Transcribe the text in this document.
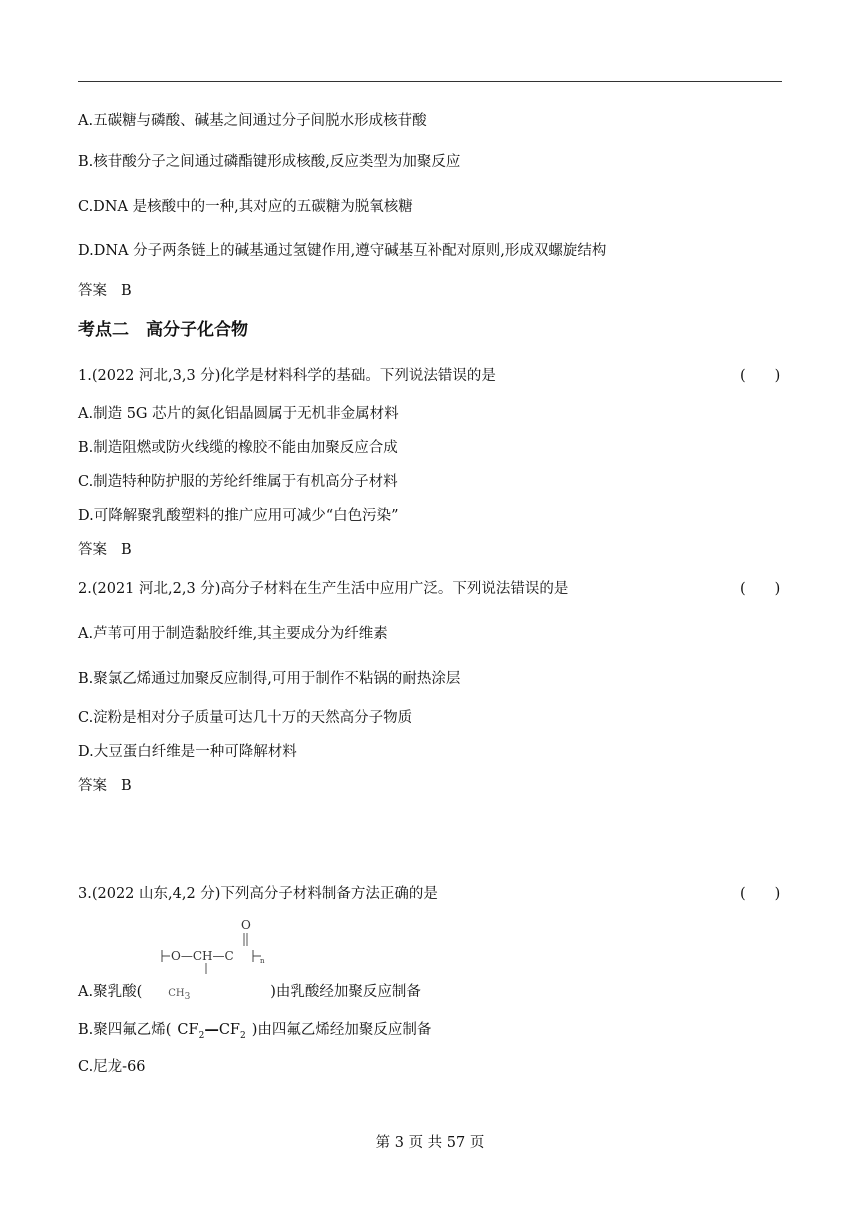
A.五碳糖与磷酸、碱基之间通过分子间脱水形成核苷酸
B.核苷酸分子之间通过磷酯键形成核酸,反应类型为加聚反应
C.DNA 是核酸中的一种,其对应的五碳糖为脱氧核糖
D.DNA 分子两条链上的碱基通过氢键作用,遵守碱基互补配对原则,形成双螺旋结构
答案 B
考点二　高分子化合物
1.(2022 河北,3,3 分)化学是材料科学的基础。下列说法错误的是	(　　)
A.制造 5G 芯片的氮化铝晶圆属于无机非金属材料
B.制造阻燃或防火线缆的橡胶不能由加聚反应合成
C.制造特种防护服的芳纶纤维属于有机高分子材料
D.可降解聚乳酸塑料的推广应用可减少“白色污染”
答案 B
2.(2021 河北,2,3 分)高分子材料在生产生活中应用广泛。下列说法错误的是	(　　)
A.芦苇可用于制造黏胶纤维,其主要成分为纤维素
B.聚氯乙烯通过加聚反应制得,可用于制作不粘锅的耐热涂层
C.淀粉是相对分子质量可达几十万的天然高分子物质
D.大豆蛋白纤维是一种可降解材料
答案 B
3.(2022 山东,4,2 分)下列高分子材料制备方法正确的是	(　　)
O
O—CH—C	n
A.聚乳酸(	$CH_3$	)由乳酸经加聚反应制备
B.聚四氟乙烯( $CF_2—CF_2$ )由四氟乙烯经加聚反应制备
C.尼龙-66
第 3 页 共 57 页
